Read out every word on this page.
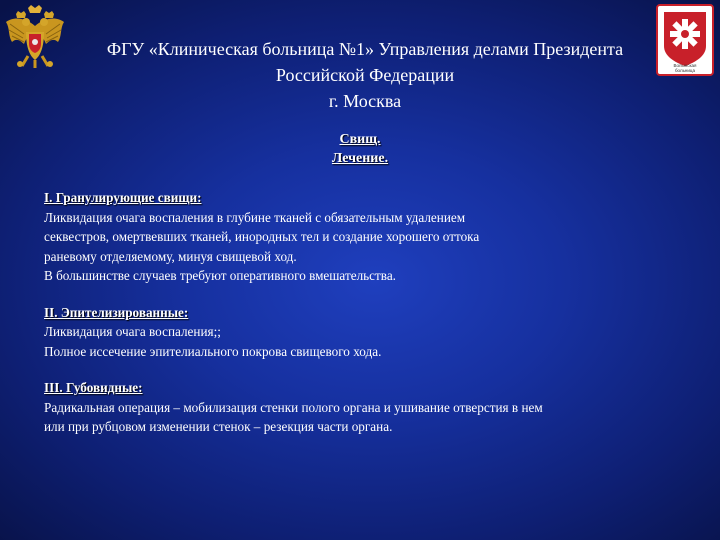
Волынская
больница
ФГУ «Клиническая больница №1» Управления делами Президента
Российской Федерации
г. Москва
Свищ.
Лечение.
I. Гранулирующие свищи:
Ликвидация очага воспаления в глубине тканей с обязательным удалением
секвестров, омертвевших тканей, инородных тел и создание хорошего оттока
раневому отделяемому, минуя свищевой ход.
В большинстве случаев требуют оперативного вмешательства.
II. Эпителизированные:
Ликвидация очага воспаления;;
Полное иссечение эпителиального покрова свищевого хода.
III. Губовидные:
Радикальная операция – мобилизация стенки полого органа и ушивание отверстия в нем
или при рубцовом изменении стенок – резекция части органа.
